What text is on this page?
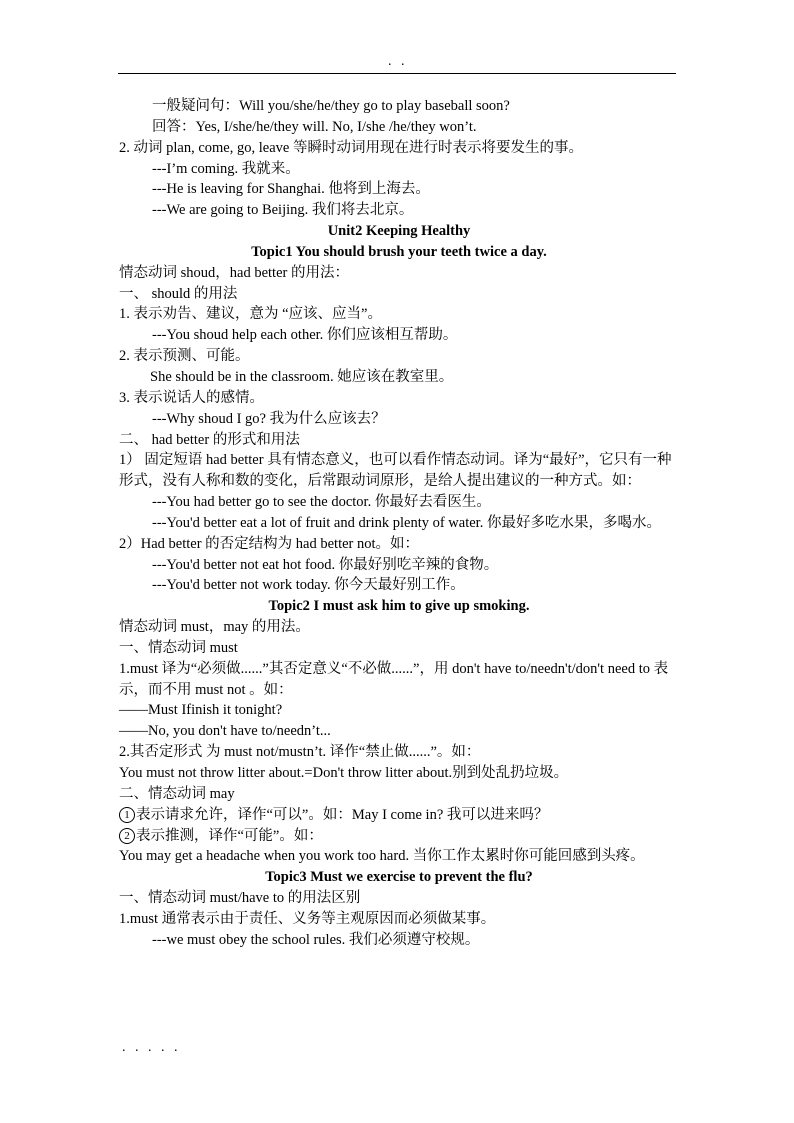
. .
一般疑问句：Will you/she/he/they go to play baseball soon?
回答：Yes, I/she/he/they will. No, I/she /he/they won’t.
2. 动词 plan, come, go, leave 等瞬时动词用现在进行时表示将要发生的事。
---I’m coming. 我就来。
---He is leaving for Shanghai. 他将到上海去。
---We are going to Beijing. 我们将去北京。
Unit2 Keeping Healthy
Topic1 You should brush your teeth twice a day.
情态动词 shoud，had better 的用法：
一、 should 的用法
1. 表示劝告、建议，意为 “应该、应当”。
---You shoud help each other. 你们应该相互帮助。
2. 表示预测、可能。
She should be in the classroom. 她应该在教室里。
3. 表示说话人的感情。
---Why shoud I go? 我为什么应该去？
二、 had better 的形式和用法
1） 固定短语 had better 具有情态意义，也可以看作情态动词。译为“最好”，它只有一种形式，没有人称和数的变化，后常跟动词原形，是给人提出建议的一种方式。如：
---You had better go to see the doctor. 你最好去看医生。
---You'd better eat a lot of fruit and drink plenty of water. 你最好多吃水果，多喝水。
2）Had better 的否定结构为 had better not。如：
---You'd better not eat hot food. 你最好别吃辛辣的食物。
---You'd better not work today. 你今天最好别工作。
Topic2 I must ask him to give up smoking.
情态动词 must，may 的用法。
一、情态动词 must
1.must 译为“必须做......”其否定意义“不必做......”，用 don't have to/needn't/don't need to 表示，而不用 must not 。如：
——Must Ifinish it tonight?
——No, you don't have to/needn’t...
2.其否定形式 为 must not/mustn’t. 译作“禁止做......”。如：
You must not throw litter about.=Don't throw litter about.别到处乱扔垃圾。
二、情态动词 may
1 表示请求允许，译作“可以”。如：May I come in? 我可以进来吗？
2 表示推测，译作“可能”。如：
You may get a headache when you work too hard. 当你工作太累时你可能回感到头疼。
Topic3 Must we exercise to prevent the flu?
一、情态动词 must/have to 的用法区别
1.must 通常表示由于责任、义务等主观原因而必须做某事。
---we must obey the school rules. 我们必须遵守校规。
. . . . .
